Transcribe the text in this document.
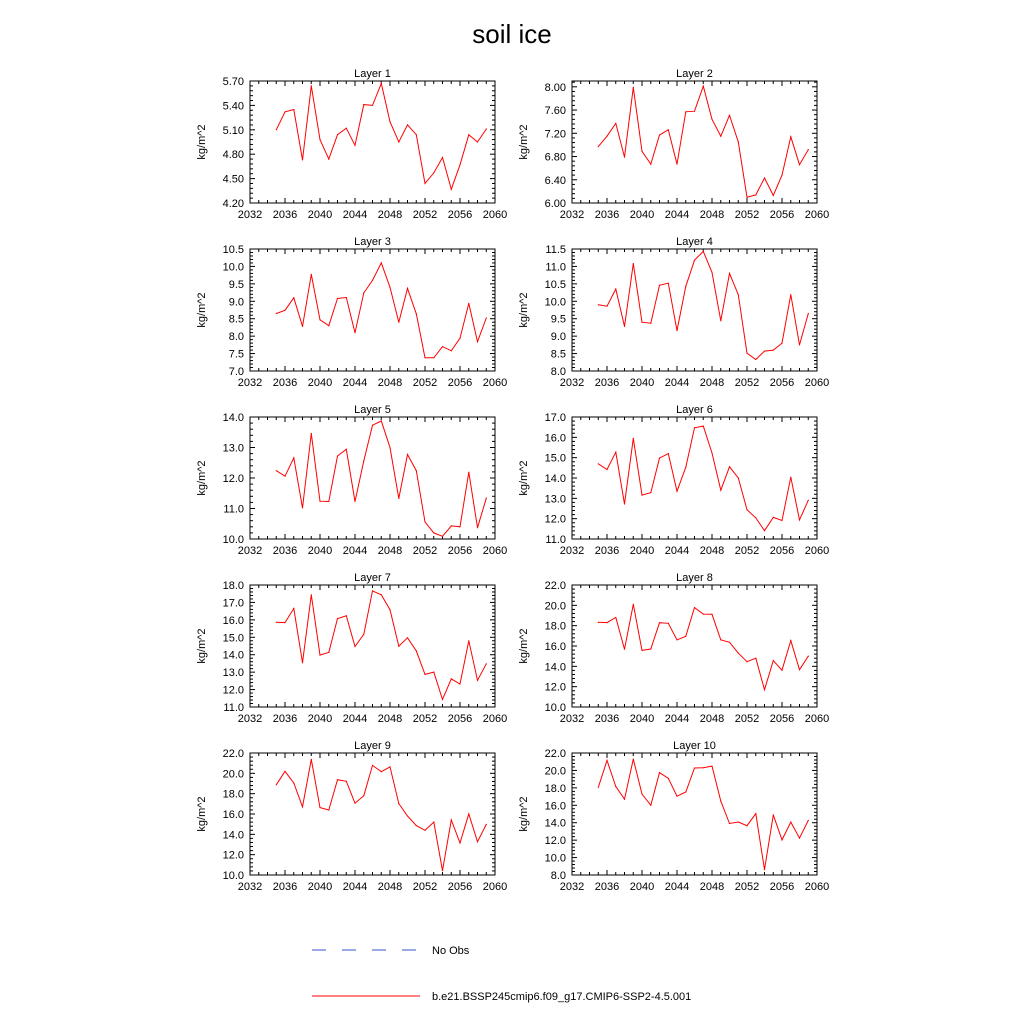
soil ice
Layer 1
2032 2036 2040 2044 2048 2052 2056 2060
4.20
4.50
4.80
5.10
5.40
5.70
kg/m^2
Layer 2
2032 2036 2040 2044 2048 2052 2056 2060
6.00
6.40
6.80
7.20
7.60
8.00
kg/m^2
Layer 3
2032 2036 2040 2044 2048 2052 2056 2060
7.0
7.5
8.0
8.5
9.0
9.5
10.0
10.5
kg/m^2
Layer 4
2032 2036 2040 2044 2048 2052 2056 2060
8.0
8.5
9.0
9.5
10.0
10.5
11.0
11.5
kg/m^2
Layer 5
2032 2036 2040 2044 2048 2052 2056 2060
10.0
11.0
12.0
13.0
14.0
kg/m^2
Layer 6
2032 2036 2040 2044 2048 2052 2056 2060
11.0
12.0
13.0
14.0
15.0
16.0
17.0
kg/m^2
Layer 7
2032 2036 2040 2044 2048 2052 2056 2060
11.0
12.0
13.0
14.0
15.0
16.0
17.0
18.0
kg/m^2
Layer 8
2032 2036 2040 2044 2048 2052 2056 2060
10.0
12.0
14.0
16.0
18.0
20.0
22.0
kg/m^2
Layer 9
2032 2036 2040 2044 2048 2052 2056 2060
10.0
12.0
14.0
16.0
18.0
20.0
22.0
kg/m^2
Layer 10
2032 2036 2040 2044 2048 2052 2056 2060
8.0
10.0
12.0
14.0
16.0
18.0
20.0
22.0
kg/m^2
No Obs
b.e21.BSSP245cmip6.f09_g17.CMIP6-SSP2-4.5.001
